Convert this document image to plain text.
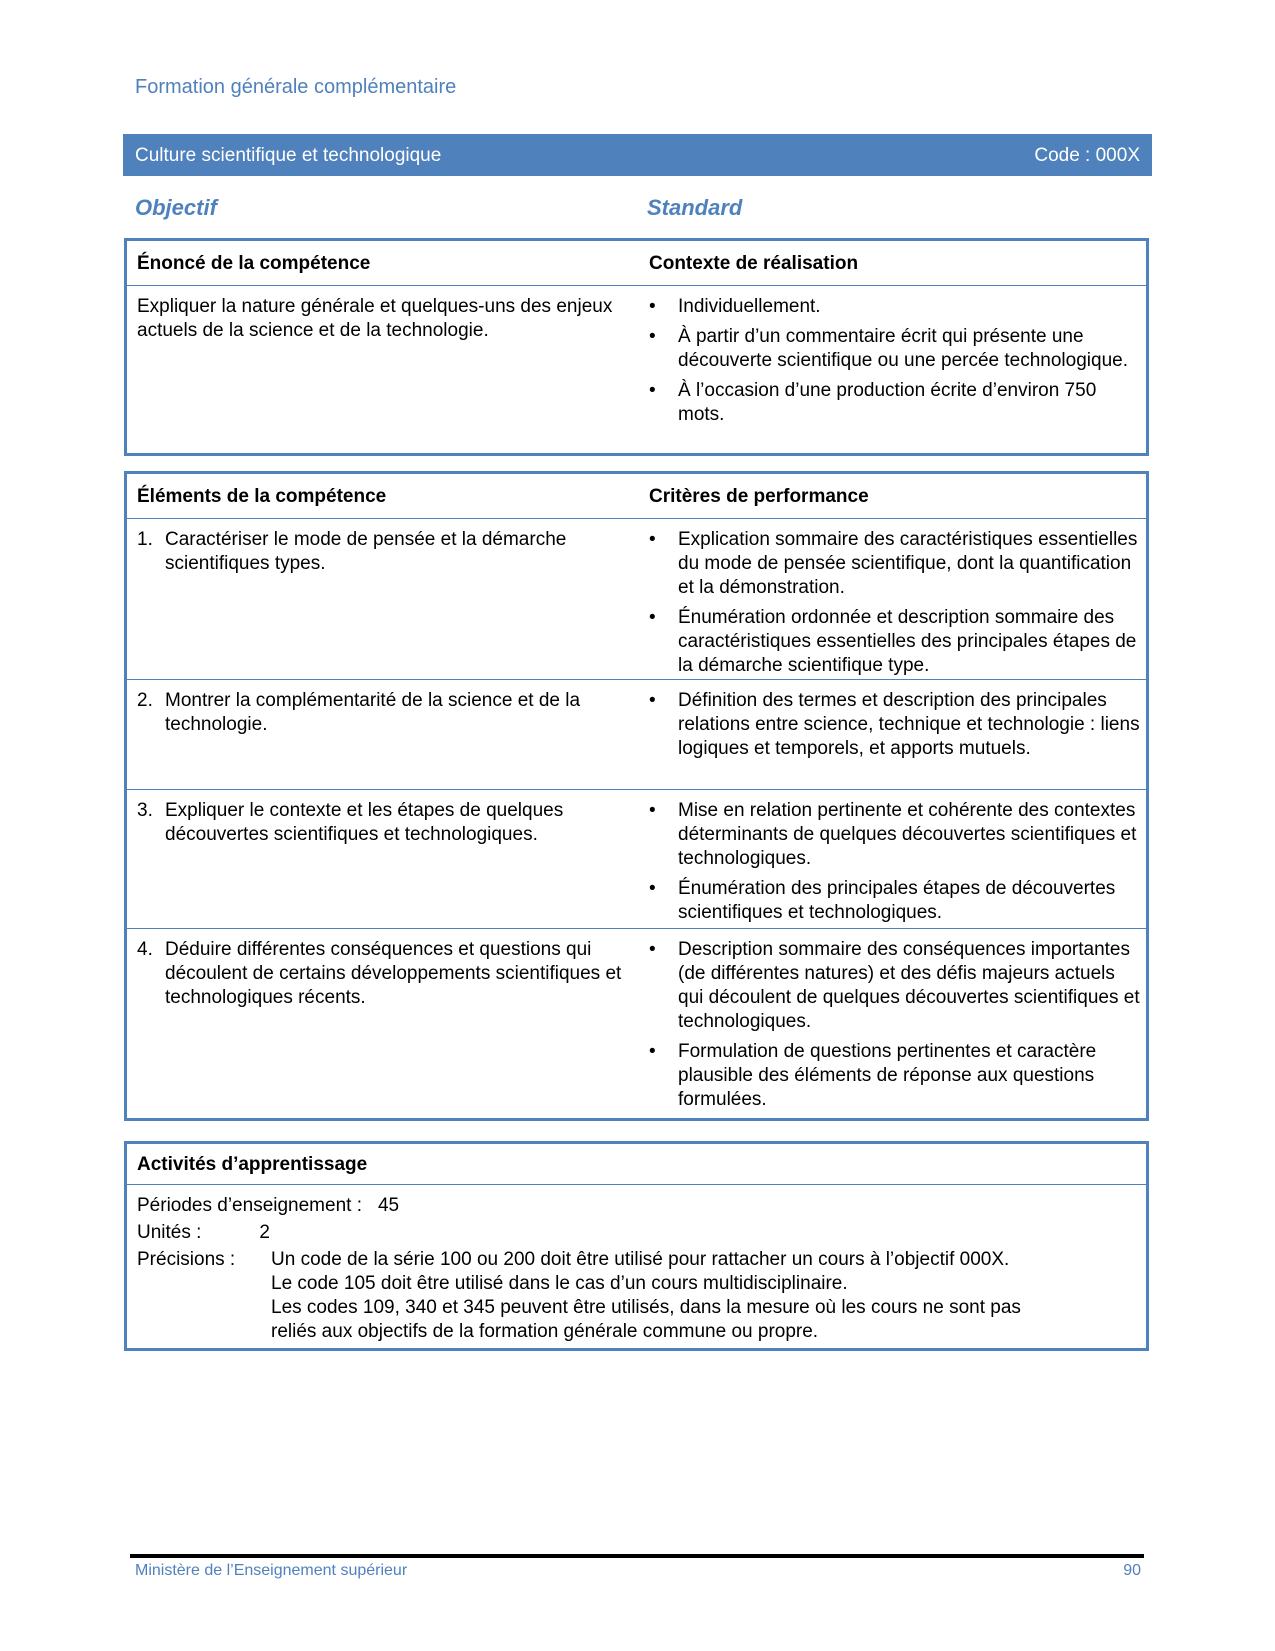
Formation générale complémentaire
Culture scientifique et technologique	Code : 000X
Objectif	Standard
Énoncé de la compétence	Contexte de réalisation
Expliquer la nature générale et quelques-uns des enjeux actuels de la science et de la technologie.
• Individuellement.
• À partir d’un commentaire écrit qui présente une découverte scientifique ou une percée technologique.
• À l’occasion d’une production écrite d’environ 750 mots.
Éléments de la compétence	Critères de performance
1. Caractériser le mode de pensée et la démarche scientifiques types.
• Explication sommaire des caractéristiques essentielles du mode de pensée scientifique, dont la quantification et la démonstration.
• Énumération ordonnée et description sommaire des caractéristiques essentielles des principales étapes de la démarche scientifique type.
2. Montrer la complémentarité de la science et de la technologie.
• Définition des termes et description des principales relations entre science, technique et technologie : liens logiques et temporels, et apports mutuels.
3. Expliquer le contexte et les étapes de quelques découvertes scientifiques et technologiques.
• Mise en relation pertinente et cohérente des contextes déterminants de quelques découvertes scientifiques et technologiques.
• Énumération des principales étapes de découvertes scientifiques et technologiques.
4. Déduire différentes conséquences et questions qui découlent de certains développements scientifiques et technologiques récents.
• Description sommaire des conséquences importantes (de différentes natures) et des défis majeurs actuels qui découlent de quelques découvertes scientifiques et technologiques.
• Formulation de questions pertinentes et caractère plausible des éléments de réponse aux questions formulées.
Activités d’apprentissage
Périodes d’enseignement : 45
Unités :	2
Précisions :	Un code de la série 100 ou 200 doit être utilisé pour rattacher un cours à l’objectif 000X.
Le code 105 doit être utilisé dans le cas d’un cours multidisciplinaire.
Les codes 109, 340 et 345 peuvent être utilisés, dans la mesure où les cours ne sont pas
reliés aux objectifs de la formation générale commune ou propre.
Ministère de l’Enseignement supérieur	90
